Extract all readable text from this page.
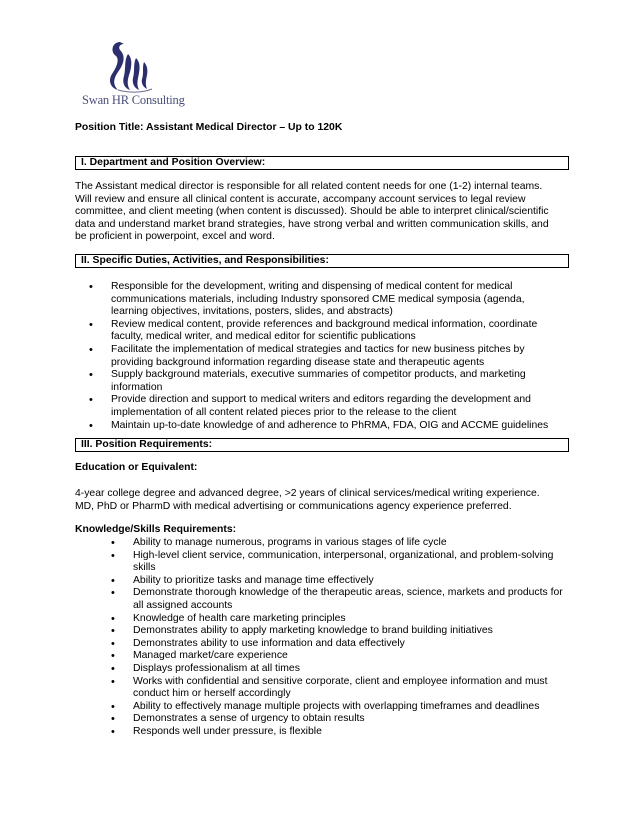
Swan HR Consulting
Position Title: Assistant Medical Director – Up to 120K
I. Department and Position Overview:
The Assistant medical director is responsible for all related content needs for one (1-2) internal teams.
Will review and ensure all clinical content is accurate, accompany account services to legal review
committee, and client meeting (when content is discussed). Should be able to interpret clinical/scientific
data and understand market brand strategies, have strong verbal and written communication skills, and
be proficient in powerpoint, excel and word.
II. Specific Duties, Activities, and Responsibilities:
• Responsible for the development, writing and dispensing of medical content for medical
communications materials, including Industry sponsored CME medical symposia (agenda,
learning objectives, invitations, posters, slides, and abstracts)
• Review medical content, provide references and background medical information, coordinate
faculty, medical writer, and medical editor for scientific publications
• Facilitate the implementation of medical strategies and tactics for new business pitches by
providing background information regarding disease state and therapeutic agents
• Supply background materials, executive summaries of competitor products, and marketing
information
• Provide direction and support to medical writers and editors regarding the development and
implementation of all content related pieces prior to the release to the client
• Maintain up-to-date knowledge of and adherence to PhRMA, FDA, OIG and ACCME guidelines
III. Position Requirements:
Education or Equivalent:
4-year college degree and advanced degree, >2 years of clinical services/medical writing experience.
MD, PhD or PharmD with medical advertising or communications agency experience preferred.
Knowledge/Skills Requirements:
• Ability to manage numerous, programs in various stages of life cycle
• High-level client service, communication, interpersonal, organizational, and problem-solving
skills
• Ability to prioritize tasks and manage time effectively
• Demonstrate thorough knowledge of the therapeutic areas, science, markets and products for
all assigned accounts
• Knowledge of health care marketing principles
• Demonstrates ability to apply marketing knowledge to brand building initiatives
• Demonstrates ability to use information and data effectively
• Managed market/care experience
• Displays professionalism at all times
• Works with confidential and sensitive corporate, client and employee information and must
conduct him or herself accordingly
• Ability to effectively manage multiple projects with overlapping timeframes and deadlines
• Demonstrates a sense of urgency to obtain results
• Responds well under pressure, is flexible
